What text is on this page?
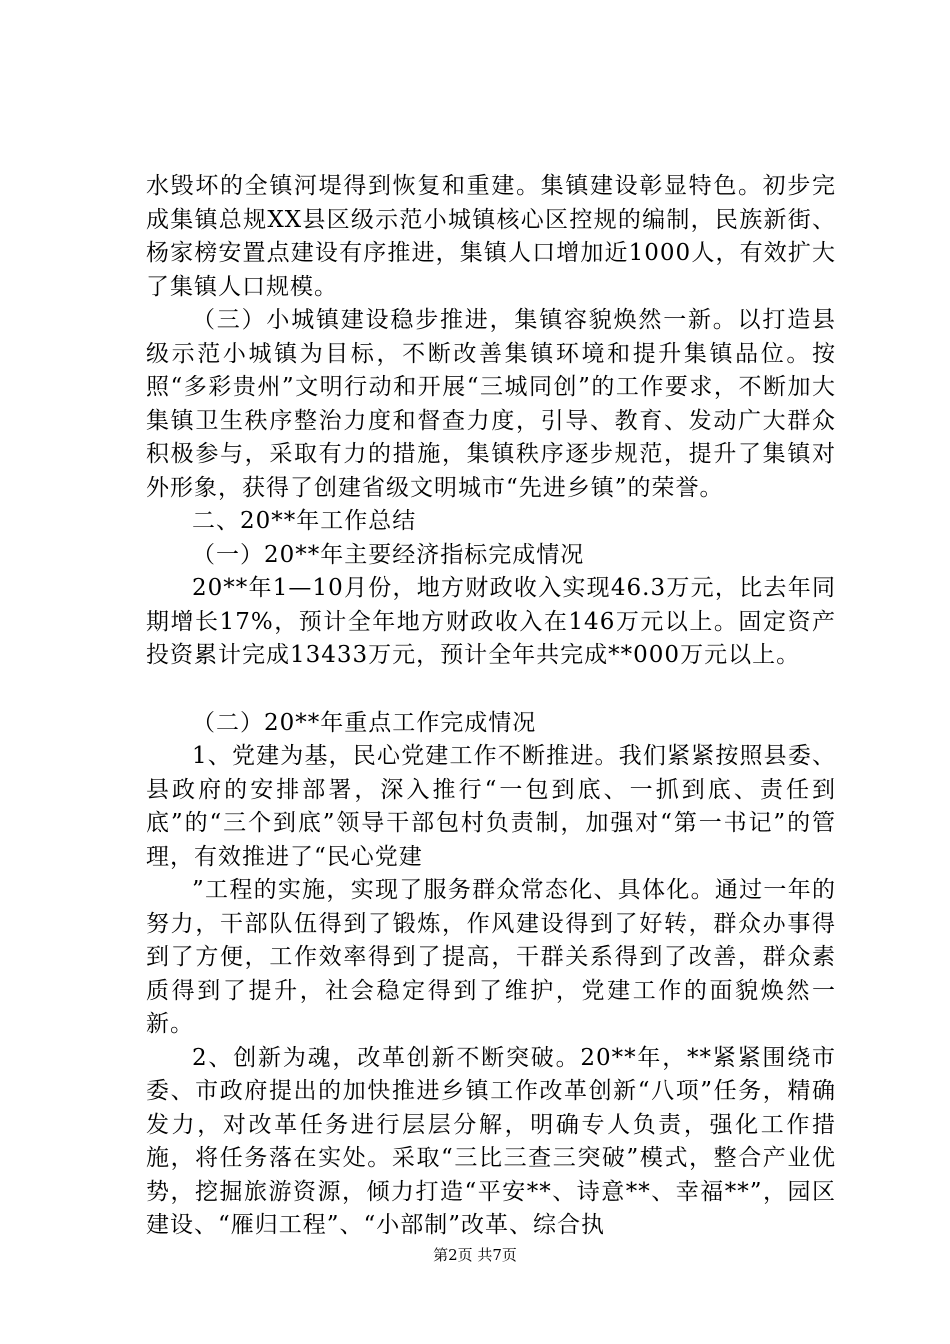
水毁坏的全镇河堤得到恢复和重建。集镇建设彰显特色。初步完成集镇总规XX县区级示范小城镇核心区控规的编制，民族新街、杨家榜安置点建设有序推进，集镇人口增加近1000人，有效扩大了集镇人口规模。

（三）小城镇建设稳步推进，集镇容貌焕然一新。以打造县级示范小城镇为目标，不断改善集镇环境和提升集镇品位。按照“多彩贵州”文明行动和开展“三城同创”的工作要求，不断加大集镇卫生秩序整治力度和督查力度，引导、教育、发动广大群众积极参与，采取有力的措施，集镇秩序逐步规范，提升了集镇对外形象，获得了创建省级文明城市“先进乡镇”的荣誉。

二、20**年工作总结

（一）20**年主要经济指标完成情况

20**年1—10月份，地方财政收入实现46.3万元，比去年同期增长17%，预计全年地方财政收入在146万元以上。固定资产投资累计完成13433万元，预计全年共完成**000万元以上。

（二）20**年重点工作完成情况

1、党建为基，民心党建工作不断推进。我们紧紧按照县委、县政府的安排部署，深入推行“一包到底、一抓到底、责任到底”的“三个到底”领导干部包村负责制，加强对“第一书记”的管理，有效推进了“民心党建

”工程的实施，实现了服务群众常态化、具体化。通过一年的努力，干部队伍得到了锻炼，作风建设得到了好转，群众办事得到了方便，工作效率得到了提高，干群关系得到了改善，群众素质得到了提升，社会稳定得到了维护，党建工作的面貌焕然一新。

2、创新为魂，改革创新不断突破。20**年，**紧紧围绕市委、市政府提出的加快推进乡镇工作改革创新“八项”任务，精确发力，对改革任务进行层层分解，明确专人负责，强化工作措施，将任务落在实处。采取“三比三查三突破”模式，整合产业优势，挖掘旅游资源，倾力打造“平安**、诗意**、幸福**”，园区建设、“雁归工程”、“小部制”改革、综合执

第2页 共7页
